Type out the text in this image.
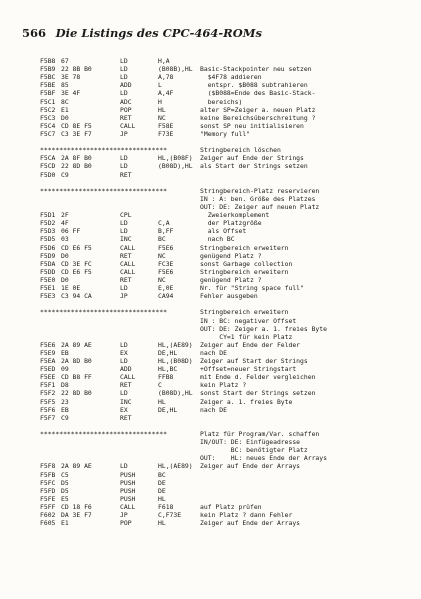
566 Die Listings des CPC-464-ROMs
F5B8 67	LD	H,A
F5B9 22 8B B0	LD	(B08B),HL Basic-Stackpointer neu setzen
F5BC 3E 78	LD	A,78	$4F78 addieren
F5BE 85	ADD	L	entspr. $B088 subtrahieren
F5BF 3E 4F	LD	A,4F	($B088=Ende des Basic-Stack-
F5C1 8C	ADC	H	bereichs)
F5C2 E1	POP	HL	alter SP=Zeiger a. neuen Platz
F5C3 D0	RET	NC	keine Bereichsüberschreitung ?
F5C4 CD 8E F5	CALL	F58E	sonst SP neu initialisieren
F5C7 C3 3E F7	JP	F73E	"Memory full"
*********************************	Stringbereich löschen
F5CA 2A 8F B0	LD	HL,(B08F) Zeiger auf Ende der Strings
F5CD 22 8D B0	LD	(B08D),HL als Start der Strings setzen
F5D0 C9	RET
*********************************	Stringbereich-Platz reservieren
IN : A: ben. Größe des Platzes
OUT: DE: Zeiger auf neuen Platz
F5D1 2F	CPL	Zweierkomplement
F5D2 4F	LD	C,A	der Platzgröße
F5D3 06 FF	LD	B,FF	als Offset
F5D5 03	INC	BC	nach BC
F5D6 CD E6 F5	CALL	F5E6	Stringbereich erweitern
F5D9 D0	RET	NC	genügend Platz ?
F5DA CD 3E FC	CALL	FC3E	sonst Garbage collection
F5DD CD E6 F5	CALL	F5E6	Stringbereich erweitern
F5E0 D0	RET	NC	genügend Platz ?
F5E1 1E 0E	LD	E,0E	Nr. für "String space full"
F5E3 C3 94 CA	JP	CA94	Fehler ausgeben
*********************************	Stringbereich erweitern
IN : BC: negativer Offset
OUT: DE: Zeiger a. 1. freies Byte
CY=1 für kein Platz
F5E6 2A 89 AE	LD	HL,(AE89) Zeiger auf Ende der Felder
F5E9 EB	EX	DE,HL	nach DE
F5EA 2A 8D B0	LD	HL,(B08D) Zeiger auf Start der Strings
F5ED 09	ADD	HL,BC	+Offset=neuer Stringstart
F5EE CD B8 FF	CALL	FFB8	mit Ende d. Felder vergleichen
F5F1 D8	RET	C	kein Platz ?
F5F2 22 8D B0	LD	(B08D),HL sonst Start der Strings setzen
F5F5 23	INC	HL	Zeiger a. 1. freies Byte
F5F6 EB	EX	DE,HL	nach DE
F5F7 C9	RET
*********************************	Platz für Program/Var. schaffen
IN/OUT: DE: Einfügeadresse
BC: benötigter Platz
OUT:    HL: neues Ende der Arrays
F5F8 2A 89 AE	LD	HL,(AE89) Zeiger auf Ende der Arrays
F5FB C5	PUSH	BC
F5FC D5	PUSH	DE
F5FD D5	PUSH	DE
F5FE E5	PUSH	HL
F5FF CD 18 F6	CALL	F618	auf Platz prüfen
F602 DA 3E F7	JP	C,F73E	kein Platz ? dann Fehler
F605 E1	POP	HL	Zeiger auf Ende der Arrays
